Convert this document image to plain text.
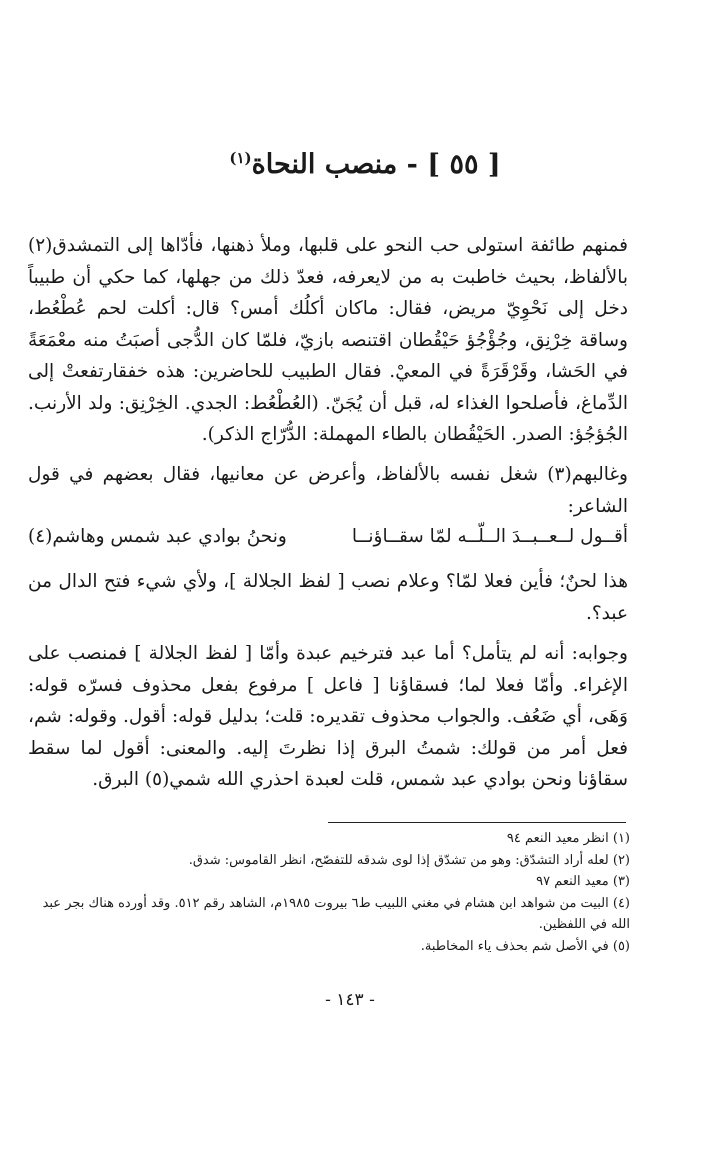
[ ٥٥ ] - منصب النحاة$^{(١)}$

فمنهم طائفة استولى حب النحو على قلبها، وملأ ذهنها، فأدّاها إلى التمشدق(٢) بالألفاظ، بحيث خاطبت به من لايعرفه، فعدّ ذلك من جهلها، كما حكي أن طبيباً دخل إلى نَحْوِيّ مريض، فقال: ماكان أكلُك أمس؟ قال: أكلت لحم عُطْعُط، وساقة خِرْنِق، وجُؤْجُؤ حَيْقُطان اقتنصه بازيّ، فلمّا كان الدُّجى أصبَتُ منه معْمَعَةً في الحَشا، وقَرْقَرَةً في المعيْ. فقال الطبيب للحاضرين: هذه خفقارتفعتْ إلى الدِّماغ، فأصلحوا الغذاء له، قبل أن يُجَنّ. (العُطْعُط: الجدي. الخِرْنِق: ولد الأرنب. الجُؤجُؤ: الصدر. الحَيْقُطان بالطاء المهملة: الدُّرّاج الذكر).

وغالبهم(٣) شغل نفسه بالألفاظ، وأعرض عن معانيها، فقال بعضهم في قول الشاعر:

أقــول لــعــبــدَ الــلّــه لمّا سقــاؤنــا
ونحنُ بوادي عبد شمس وهاشم(٤)

هذا لحنٌ؛ فأين فعلا لمّا؟ وعلام نصب [ لفظ الجلالة ]، ولأي شيء فتح الدال من عبد؟.

وجوابه: أنه لم يتأمل؟ أما عبد فترخيم عبدة وأمّا [ لفظ الجلالة ] فمنصب على الإغراء. وأمّا فعلا لما؛ فسقاؤنا [ فاعل ] مرفوع بفعل محذوف فسرّه قوله: وَهَى، أي ضَعُف. والجواب محذوف تقديره: قلت؛ بدليل قوله: أقول. وقوله: شم، فعل أمر من قولك: شمتُ البرق إذا نظرتَ إليه. والمعنى: أقول لما سقط سقاؤنا ونحن بوادي عبد شمس، قلت لعبدة احذري الله شمي(٥) البرق.

(١) انظر معيد النعم ٩٤
(٢) لعله أراد التشدّق: وهو من تشدّق إذا لوى شدقه للتفصّح، انظر القاموس: شدق.
(٣) معيد النعم ٩٧
(٤) البيت من شواهد ابن هشام في مغني اللبيب ط٦ بيروت ١٩٨٥م، الشاهد رقم ٥١٢. وقد أورده هناك بجر عبد الله في اللفظين.
(٥) في الأصل شم بحذف ياء المخاطبة.
- ١٤٣ -
